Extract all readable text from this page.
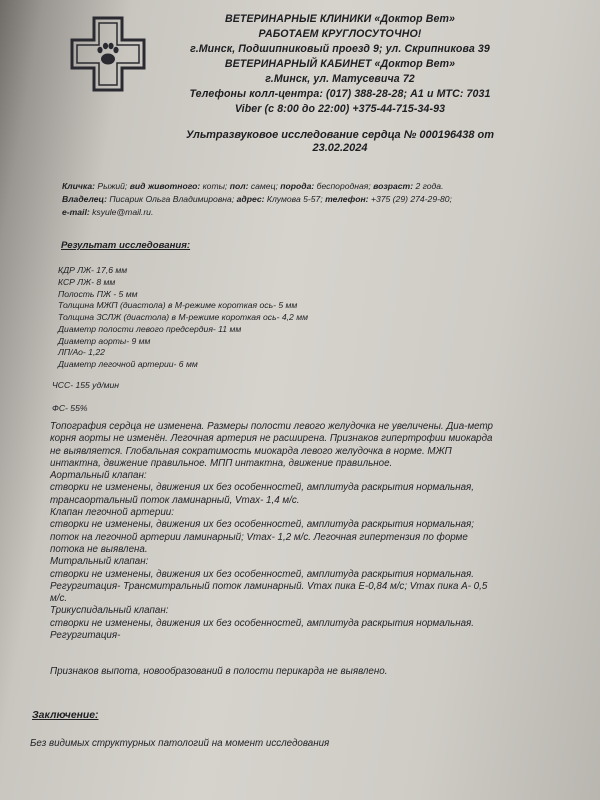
ВЕТЕРИНАРНЫЕ КЛИНИКИ «Доктор Вет»
РАБОТАЕМ КРУГЛОСУТОЧНО!
г.Минск, Подшипниковый проезд 9; ул. Скрипникова 39
ВЕТЕРИНАРНЫЙ КАБИНЕТ «Доктор Вет»
г.Минск, ул. Матусевича 72
Телефоны колл-центра: (017) 388-28-28; A1 и МТС: 7031
Viber (с 8:00 до 22:00) +375-44-715-34-93
Ультразвуковое исследование сердца № 000196438 от
23.02.2024
Кличка: Рыжий; вид животного: коты; пол: самец; порода: беспородная; возраст: 2 года.
Владелец: Писарик Ольга Владимировна; адрес: Клумова 5-57; телефон: +375 (29) 274-29-80;
e-mail: ksyule@mail.ru.
Результат исследования:
КДР ЛЖ- 17,6 мм
КСР ЛЖ- 8 мм
Полость ПЖ - 5 мм
Толщина МЖП (диастола) в М-режиме короткая ось- 5 мм
Толщина ЗСЛЖ (диастола) в М-режиме короткая ось- 4,2 мм
Диаметр полости левого предсердия- 11 мм
Диаметр аорты- 9 мм
ЛП/Ао- 1,22
Диаметр легочной артерии- 6 мм
ЧСС- 155 уд/мин
ФС- 55%
Топография сердца не изменена. Размеры полости левого желудочка не увеличены. Диа-метр
корня аорты не изменён. Легочная артерия не расширена. Признаков гипертрофии миокарда
не выявляется. Глобальная сократимость миокарда левого желудочка в норме. МЖП
интактна, движение правильное. МПП интактна, движение правильное.
Аортальный клапан:
створки не изменены, движения их без особенностей, амплитуда раскрытия нормальная,
трансаортальный поток ламинарный, Vmax- 1,4 м/с.
Клапан легочной артерии:
створки не изменены, движения их без особенностей, амплитуда раскрытия нормальная;
поток на легочной артерии ламинарный; Vmax- 1,2 м/с. Легочная гипертензия по форме
потока не выявлена.
Митральный клапан:
створки не изменены, движения их без особенностей, амплитуда раскрытия нормальная.
Регургитация- Трансмитральный поток ламинарный. Vmax пика Е-0,84 м/с; Vmax пика А- 0,5
м/с.
Трикуспидальный клапан:
створки не изменены, движения их без особенностей, амплитуда раскрытия нормальная.
Регургитация-
Признаков выпота, новообразований в полости перикарда не выявлено.
Заключение:
Без видимых структурных патологий на момент исследования
